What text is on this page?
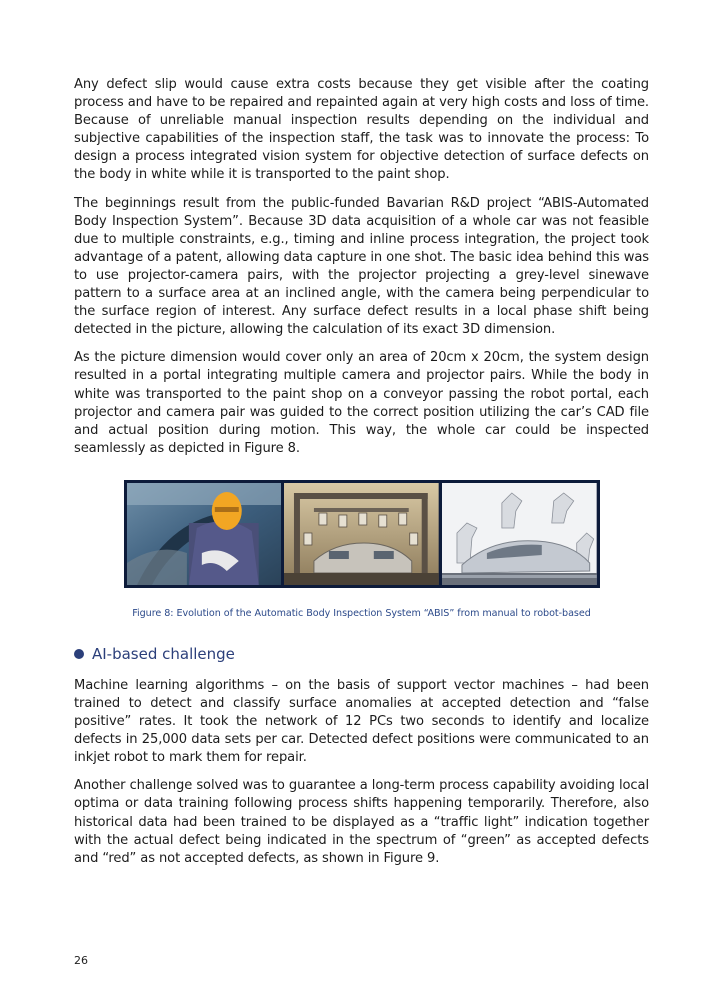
Any defect slip would cause extra costs because they get visible after the coating process and have to be repaired and repainted again at very high costs and loss of time. Because of unreliable manual inspection results depending on the individual and subjective capabilities of the inspection staff, the task was to innovate the process: To design a process integrated vision system for objective detection of surface defects on the body in white while it is transported to the paint shop.

The beginnings result from the public-funded Bavarian R&D project “ABIS-Automated Body Inspection System”. Because 3D data acquisition of a whole car was not feasible due to multiple constraints, e.g., timing and inline process integration, the project took advantage of a patent, allowing data capture in one shot. The basic idea behind this was to use projector-camera pairs, with the projector projecting a grey-level sinewave pattern to a surface area at an inclined angle, with the camera being perpendicular to the surface region of interest. Any surface defect results in a local phase shift being detected in the picture, allowing the calculation of its exact 3D dimension.

As the picture dimension would cover only an area of 20cm x 20cm, the system design resulted in a portal integrating multiple camera and projector pairs. While the body in white was transported to the paint shop on a conveyor passing the robot portal, each projector and camera pair was guided to the correct position utilizing the car’s CAD file and actual position during motion. This way, the whole car could be inspected seamlessly as depicted in Figure 8.

Figure 8: Evolution of the Automatic Body Inspection System “ABIS” from manual to robot-based
AI-based challenge

Machine learning algorithms – on the basis of support vector machines – had been trained to detect and classify surface anomalies at accepted detection and “false positive” rates. It took the network of 12 PCs two seconds to identify and localize defects in 25,000 data sets per car. Detected defect positions were communicated to an inkjet robot to mark them for repair.

Another challenge solved was to guarantee a long-term process capability avoiding local optima or data training following process shifts happening temporarily. Therefore, also historical data had been trained to be displayed as a “traffic light” indication together with the actual defect being indicated in the spectrum of “green” as accepted defects and “red” as not accepted defects, as shown in Figure 9.

26
